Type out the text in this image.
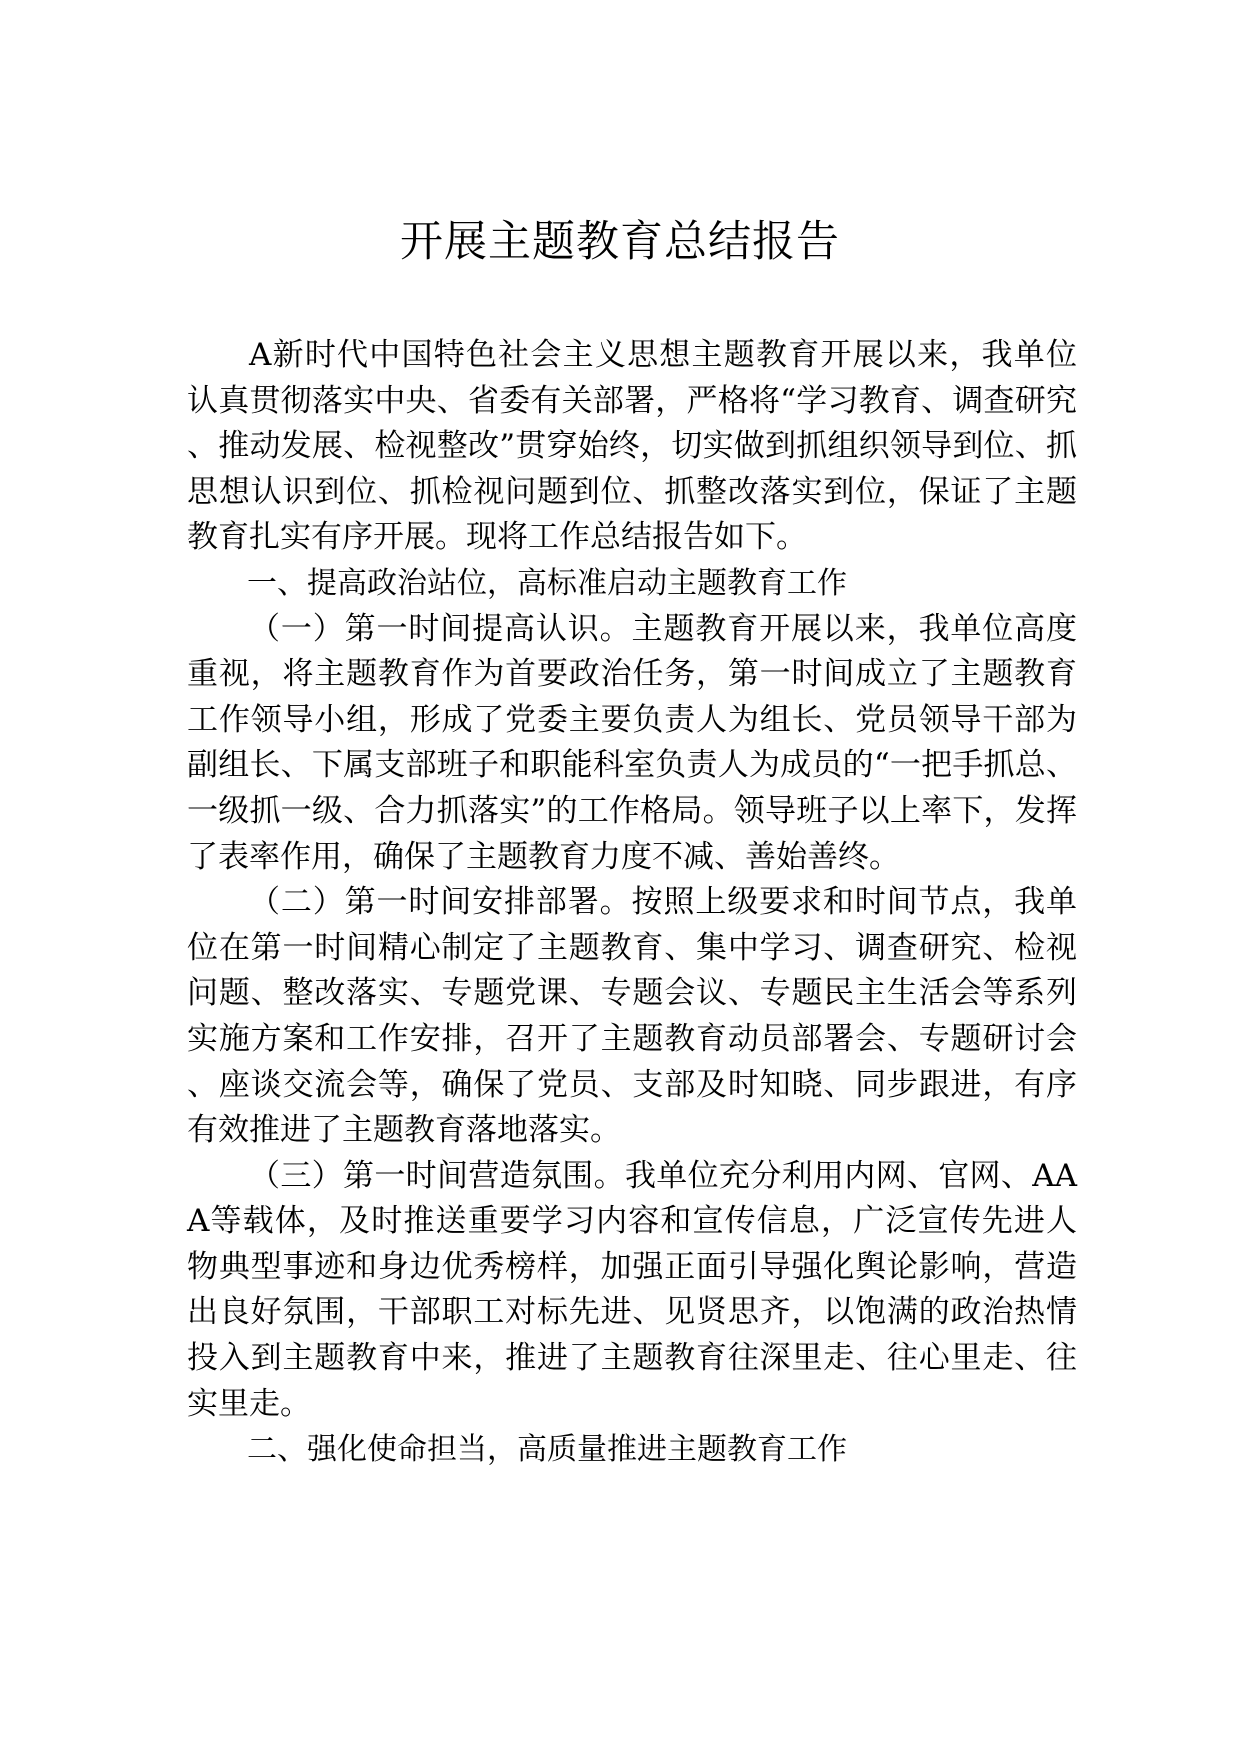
开展主题教育总结报告

A新时代中国特色社会主义思想主题教育开展以来，我单位认真贯彻落实中央、省委有关部署，严格将“学习教育、调查研究、推动发展、检视整改”贯穿始终，切实做到抓组织领导到位、抓思想认识到位、抓检视问题到位、抓整改落实到位，保证了主题教育扎实有序开展。现将工作总结报告如下。

一、提高政治站位，高标准启动主题教育工作

（一）第一时间提高认识。主题教育开展以来，我单位高度重视，将主题教育作为首要政治任务，第一时间成立了主题教育工作领导小组，形成了党委主要负责人为组长、党员领导干部为副组长、下属支部班子和职能科室负责人为成员的“一把手抓总、一级抓一级、合力抓落实”的工作格局。领导班子以上率下，发挥了表率作用，确保了主题教育力度不减、善始善终。

（二）第一时间安排部署。按照上级要求和时间节点，我单位在第一时间精心制定了主题教育、集中学习、调查研究、检视问题、整改落实、专题党课、专题会议、专题民主生活会等系列实施方案和工作安排，召开了主题教育动员部署会、专题研讨会、座谈交流会等，确保了党员、支部及时知晓、同步跟进，有序有效推进了主题教育落地落实。

（三）第一时间营造氛围。我单位充分利用内网、官网、AAA等载体，及时推送重要学习内容和宣传信息，广泛宣传先进人物典型事迹和身边优秀榜样，加强正面引导强化舆论影响，营造出良好氛围，干部职工对标先进、见贤思齐，以饱满的政治热情投入到主题教育中来，推进了主题教育往深里走、往心里走、往实里走。

二、强化使命担当，高质量推进主题教育工作
